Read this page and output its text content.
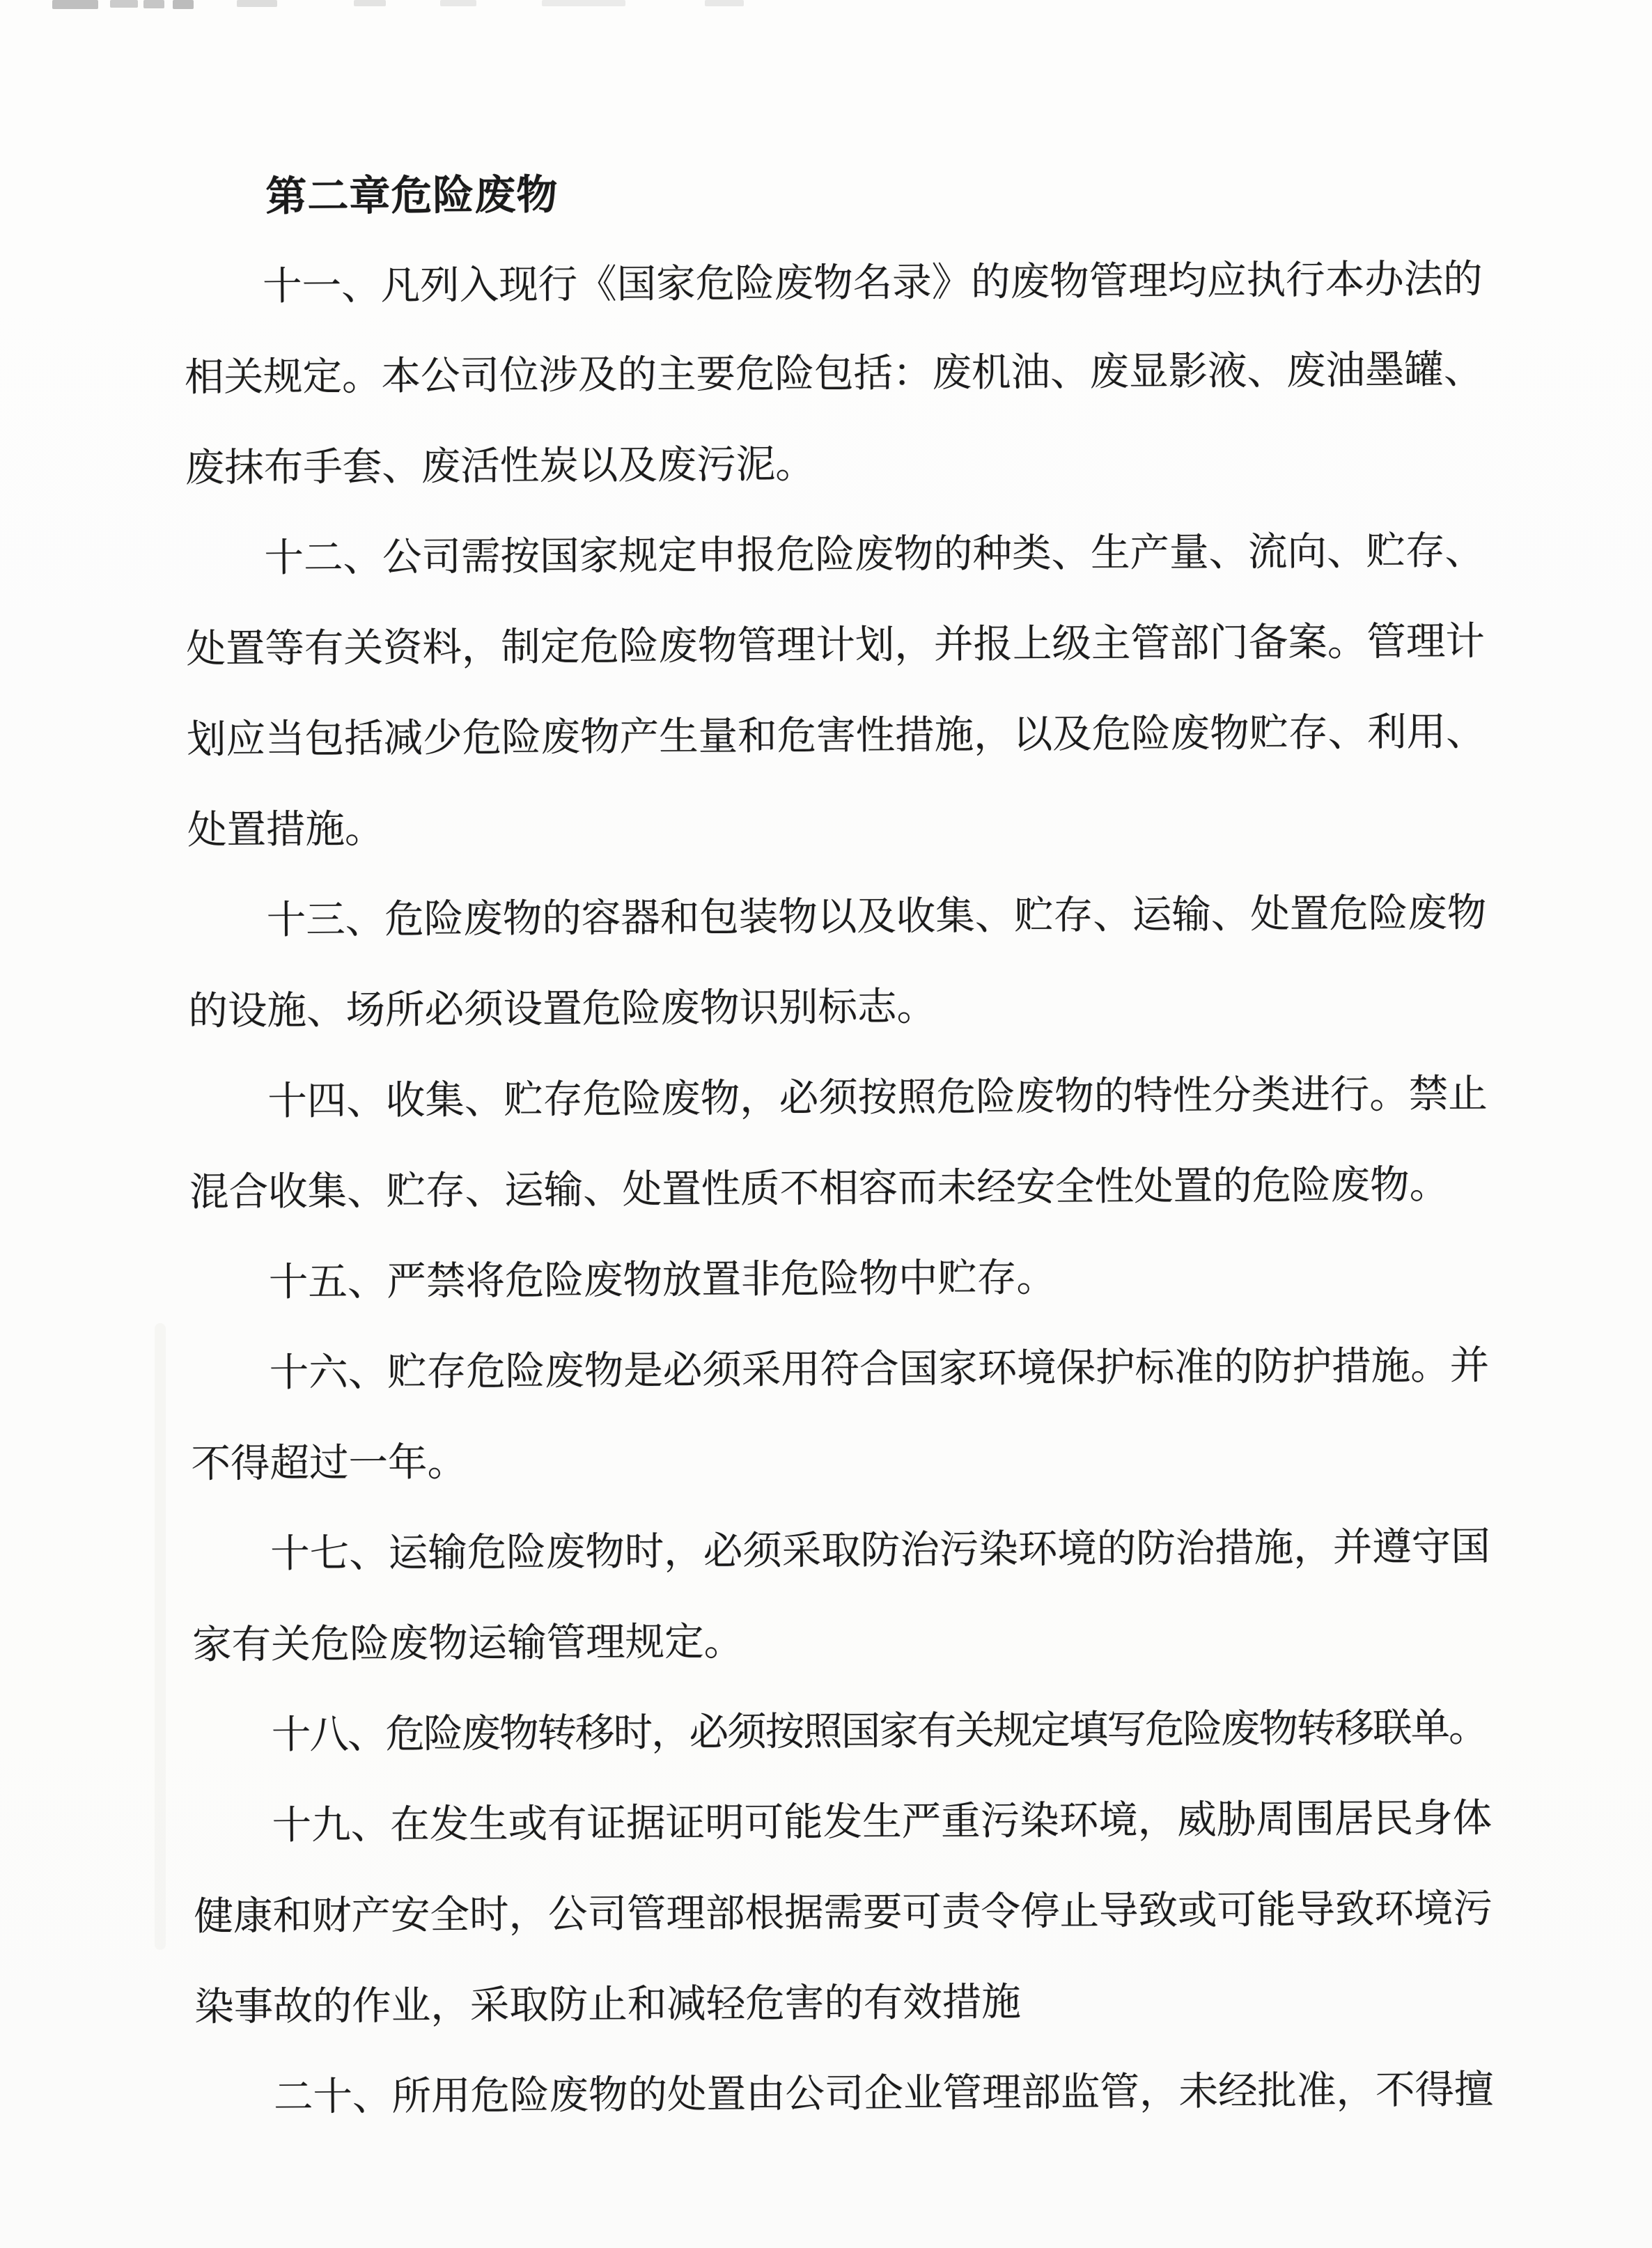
第二章危险废物

十一、凡列入现行《国家危险废物名录》的废物管理均应执行本办法的
相关规定。本公司位涉及的主要危险包括：废机油、废显影液、废油墨罐、
废抹布手套、废活性炭以及废污泥。

十二、公司需按国家规定申报危险废物的种类、生产量、流向、贮存、
处置等有关资料，制定危险废物管理计划，并报上级主管部门备案。管理计
划应当包括减少危险废物产生量和危害性措施，以及危险废物贮存、利用、
处置措施。

十三、危险废物的容器和包装物以及收集、贮存、运输、处置危险废物
的设施、场所必须设置危险废物识别标志。

十四、收集、贮存危险废物，必须按照危险废物的特性分类进行。禁止
混合收集、贮存、运输、处置性质不相容而未经安全性处置的危险废物。

十五、严禁将危险废物放置非危险物中贮存。

十六、贮存危险废物是必须采用符合国家环境保护标准的防护措施。并
不得超过一年。

十七、运输危险废物时，必须采取防治污染环境的防治措施，并遵守国
家有关危险废物运输管理规定。

十八、危险废物转移时，必须按照国家有关规定填写危险废物转移联单。

十九、在发生或有证据证明可能发生严重污染环境，威胁周围居民身体
健康和财产安全时，公司管理部根据需要可责令停止导致或可能导致环境污
染事故的作业，采取防止和减轻危害的有效措施

二十、所用危险废物的处置由公司企业管理部监管，未经批准，不得擅
